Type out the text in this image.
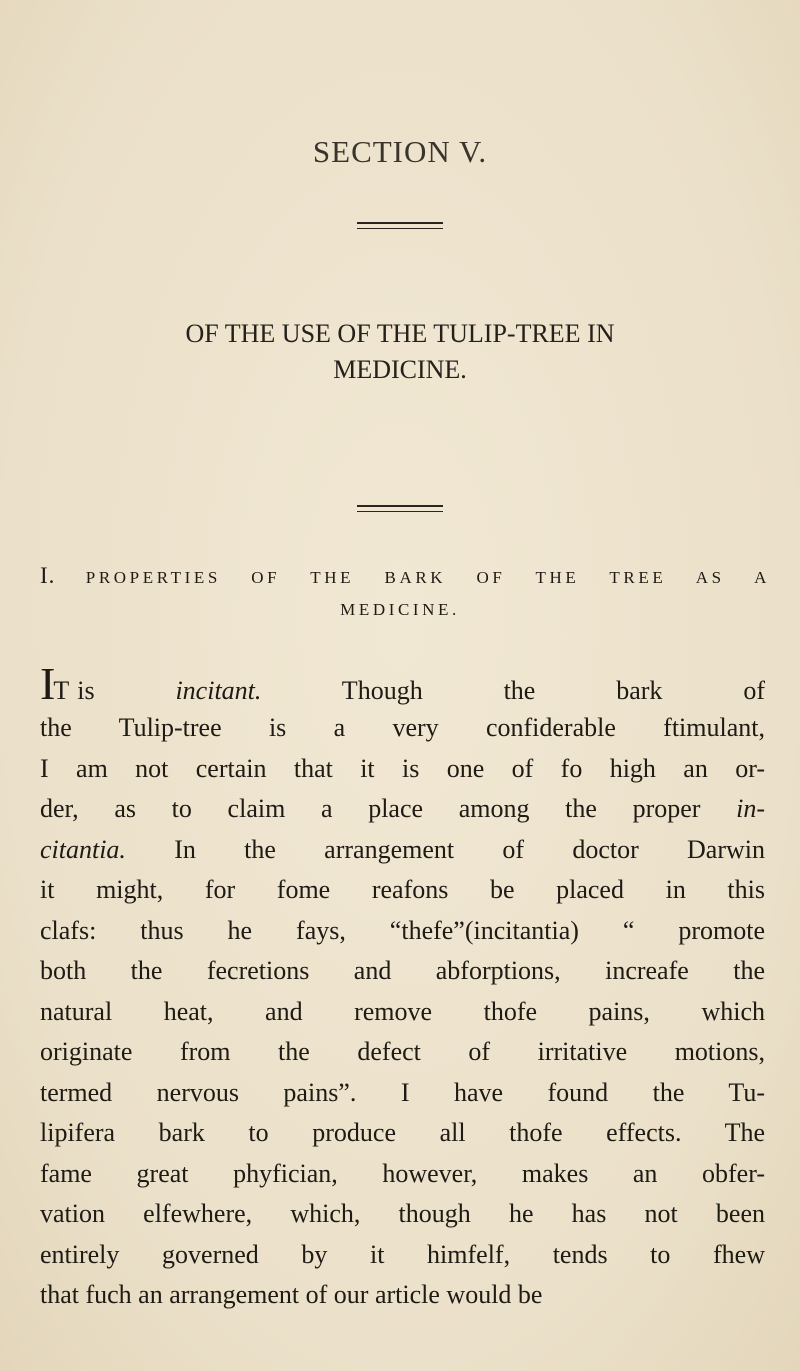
SECTION V.
OF THE USE OF THE TULIP-TREE IN
MEDICINE.
I. PROPERTIES OF THE BARK OF THE TREE AS A
MEDICINE.
IT is incitant. Though the bark of
the Tulip-tree is a very confiderable ftimulant,
I am not certain that it is one of fo high an or-
der, as to claim a place among the proper in-
citantia. In the arrangement of doctor Darwin
it might, for fome reafons be placed in this
clafs: thus he fays, “thefe”(incitantia) “ promote
both the fecretions and abforptions, increafe the
natural heat, and remove thofe pains, which
originate from the defect of irritative motions,
termed nervous pains”. I have found the Tu-
lipifera bark to produce all thofe effects. The
fame great phyfician, however, makes an obfer-
vation elfewhere, which, though he has not been
entirely governed by it himfelf, tends to fhew
that fuch an arrangement of our article would be
